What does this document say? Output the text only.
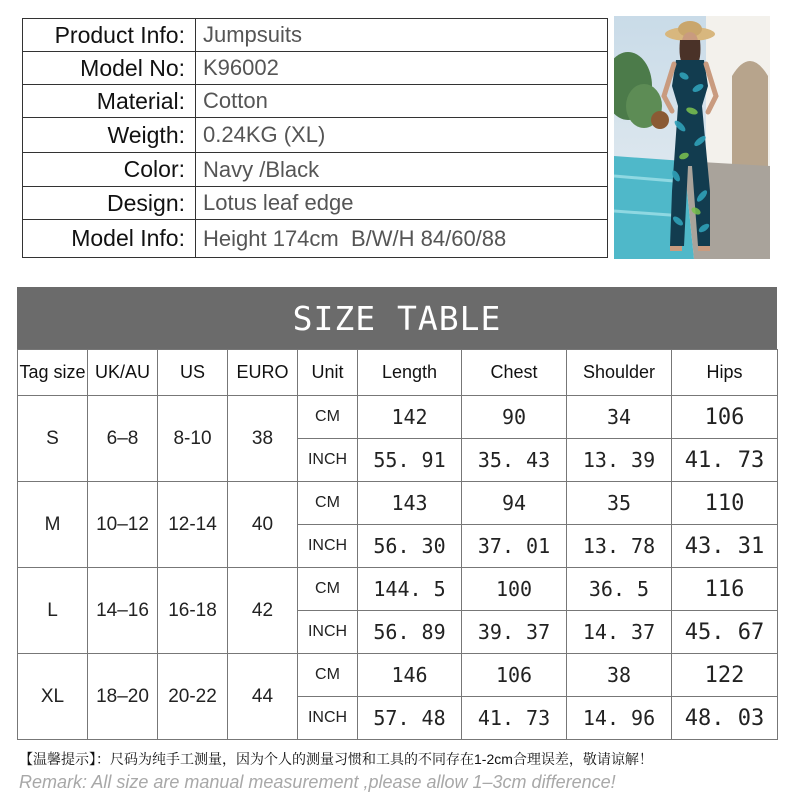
Product Info: Jumpsuits
Model No: K96002
Material: Cotton
Weigth: 0.24KG (XL)
Color: Navy /Black
Design: Lotus leaf edge
Model Info: Height 174cm  B/W/H 84/60/88
SIZE TABLE
Tag size	UK/AU	US	EURO	Unit	Length	Chest	Shoulder	Hips
S	6–8	8-10	38	CM	142	90	34	106
				INCH	55. 91	35. 43	13. 39	41. 73
M	10–12	12-14	40	CM	143	94	35	110
				INCH	56. 30	37. 01	13. 78	43. 31
L	14–16	16-18	42	CM	144. 5	100	36. 5	116
				INCH	56. 89	39. 37	14. 37	45. 67
XL	18–20	20-22	44	CM	146	106	38	122
				INCH	57. 48	41. 73	14. 96	48. 03
【温馨提示】：尺码为纯手工测量，因为个人的测量习惯和工具的不同存在1-2cm合理误差，敬请谅解！
Remark: All size are manual measurement ,please allow 1–3cm difference!
